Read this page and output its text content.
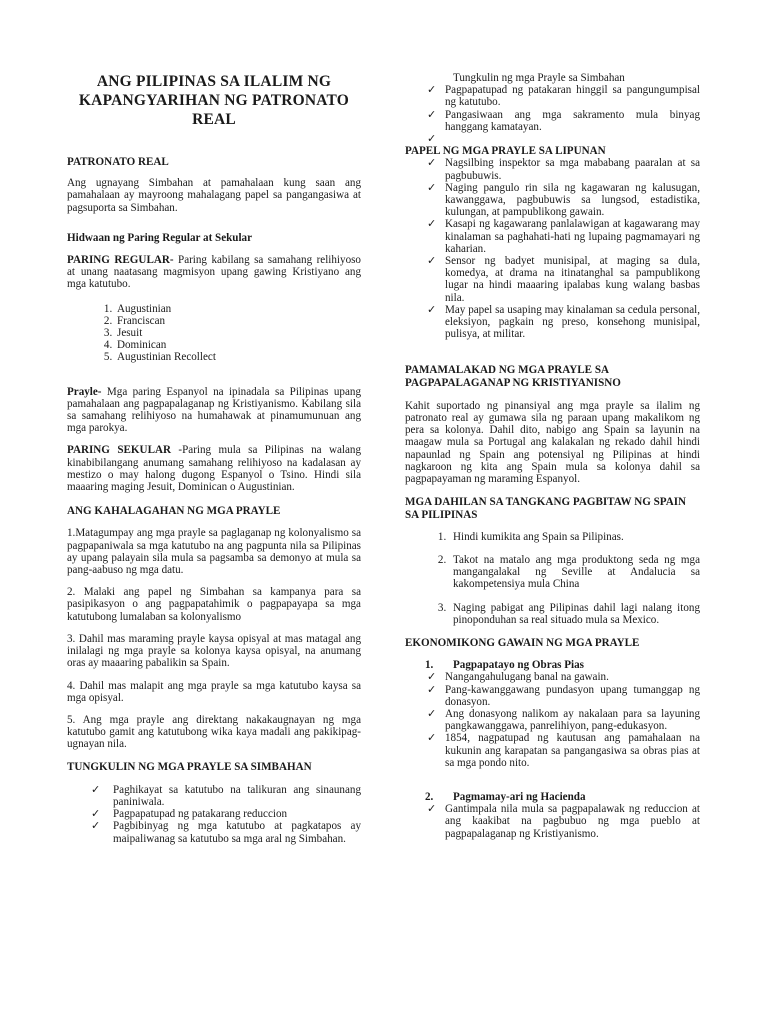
ANG PILIPINAS SA ILALIM NG KAPANGYARIHAN NG PATRONATO REAL
PATRONATO REAL

Ang ugnayang Simbahan at pamahalaan kung saan ang pamahalaan ay mayroong mahalagang papel sa pangangasiwa at pagsuporta sa Simbahan.

Hidwaan ng Paring Regular at Sekular

PARING REGULAR- Paring kabilang sa samahang relihiyoso at unang naatasang magmisyon upang gawing Kristiyano ang mga katutubo.

1. Augustinian
2. Franciscan
3. Jesuit
4. Dominican
5. Augustinian Recollect

Prayle- Mga paring Espanyol na ipinadala sa Pilipinas upang pamahalaan ang pagpapalaganap ng Kristiyanismo. Kabilang sila sa samahang relihiyoso na humahawak at pinamumunuan ang mga parokya.

PARING SEKULAR -Paring mula sa Pilipinas na walang kinabibilangang anumang samahang relihiyoso na kadalasan ay mestizo o may halong dugong Espanyol o Tsino. Hindi sila maaaring maging Jesuit, Dominican o Augustinian.

ANG KAHALAGAHAN NG MGA PRAYLE

1.Matagumpay ang mga prayle sa paglaganap ng kolonyalismo sa pagpapaniwala sa mga katutubo na ang pagpunta nila sa Pilipinas ay upang palayain sila mula sa pagsamba sa demonyo at mula sa pang-aabuso ng mga datu.

2. Malaki ang papel ng Simbahan sa kampanya para sa pasipikasyon o ang pagpapatahimik o pagpapayapa sa mga katutubong lumalaban sa kolonyalismo

3. Dahil mas maraming prayle kaysa opisyal at mas matagal ang inilalagi ng mga prayle sa kolonya kaysa opisyal, na anumang oras ay maaaring pabalikin sa Spain.

4. Dahil mas malapit ang mga prayle sa mga katutubo kaysa sa mga opisyal.

5. Ang mga prayle ang direktang nakakaugnayan ng mga katutubo gamit ang katutubong wika kaya madali ang pakikipag-ugnayan nila.

TUNGKULIN NG MGA PRAYLE SA SIMBAHAN
✓ Paghikayat sa katutubo na talikuran ang sinaunang paniniwala.
✓ Pagpapatupad ng patakarang reduccion
✓ Pagbibinyag ng mga katutubo at pagkatapos ay maipaliwanag sa katutubo sa mga aral ng Simbahan.
Tungkulin ng mga Prayle sa Simbahan
✓ Pagpapatupad ng patakaran hinggil sa pangungumpisal ng katutubo.
✓ Pangasiwaan ang mga sakramento mula binyag hanggang kamatayan.
✓

PAPEL NG MGA PRAYLE SA LIPUNAN
✓ Nagsilbing inspektor sa mga mababang paaralan at sa pagbubuwis.
✓ Naging pangulo rin sila ng kagawaran ng kalusugan, kawanggawa, pagbubuwis sa lungsod, estadistika, kulungan, at pampublikong gawain.
✓ Kasapi ng kagawarang panlalawigan at kagawarang may kinalaman sa paghahati-hati ng lupaing pagmamayari ng kaharian.
✓ Sensor ng badyet munisipal, at maging sa dula, komedya, at drama na itinatanghal sa pampublikong lugar na hindi maaaring ipalabas kung walang basbas nila.
✓ May papel sa usaping may kinalaman sa cedula personal, eleksiyon, pagkain ng preso, konsehong munisipal, pulisya, at militar.
PAMAMALAKAD NG MGA PRAYLE SA PAGPAPALAGANAP NG KRISTIYANISNO

Kahit suportado ng pinansiyal ang mga prayle sa ilalim ng patronato real ay gumawa sila ng paraan upang makalikom ng pera sa kolonya. Dahil dito, nabigo ang Spain sa layunin na maagaw mula sa Portugal ang kalakalan ng rekado dahil hindi napaunlad ng Spain ang potensiyal ng Pilipinas at hindi nagkaroon ng kita ang Spain mula sa kolonya dahil sa pagpapayaman ng maraming Espanyol.

MGA DAHILAN SA TANGKANG PAGBITAW NG SPAIN SA PILIPINAS
1. Hindi kumikita ang Spain sa Pilipinas.
2. Takot na matalo ang mga produktong seda ng mga mangangalakal ng Seville at Andalucia sa kakompetensiya mula China
3. Naging pabigat ang Pilipinas dahil lagi nalang itong pinoponduhan sa real situado mula sa Mexico.
EKONOMIKONG GAWAIN NG MGA PRAYLE
1. Pagpapatayo ng Obras Pias
✓ Nangangahulugang banal na gawain.
✓ Pang-kawanggawang pundasyon upang tumanggap ng donasyon.
✓ Ang donasyong nalikom ay nakalaan para sa layuning pangkawanggawa, panrelihiyon, pang-edukasyon.
✓ 1854, nagpatupad ng kautusan ang pamahalaan na kukunin ang karapatan sa pangangasiwa sa obras pias at sa mga pondo nito.
2. Pagmamay-ari ng Hacienda
✓ Gantimpala nila mula sa pagpapalawak ng reduccion at ang kaakibat na pagbubuo ng mga pueblo at pagpapalaganap ng Kristiyanismo.
